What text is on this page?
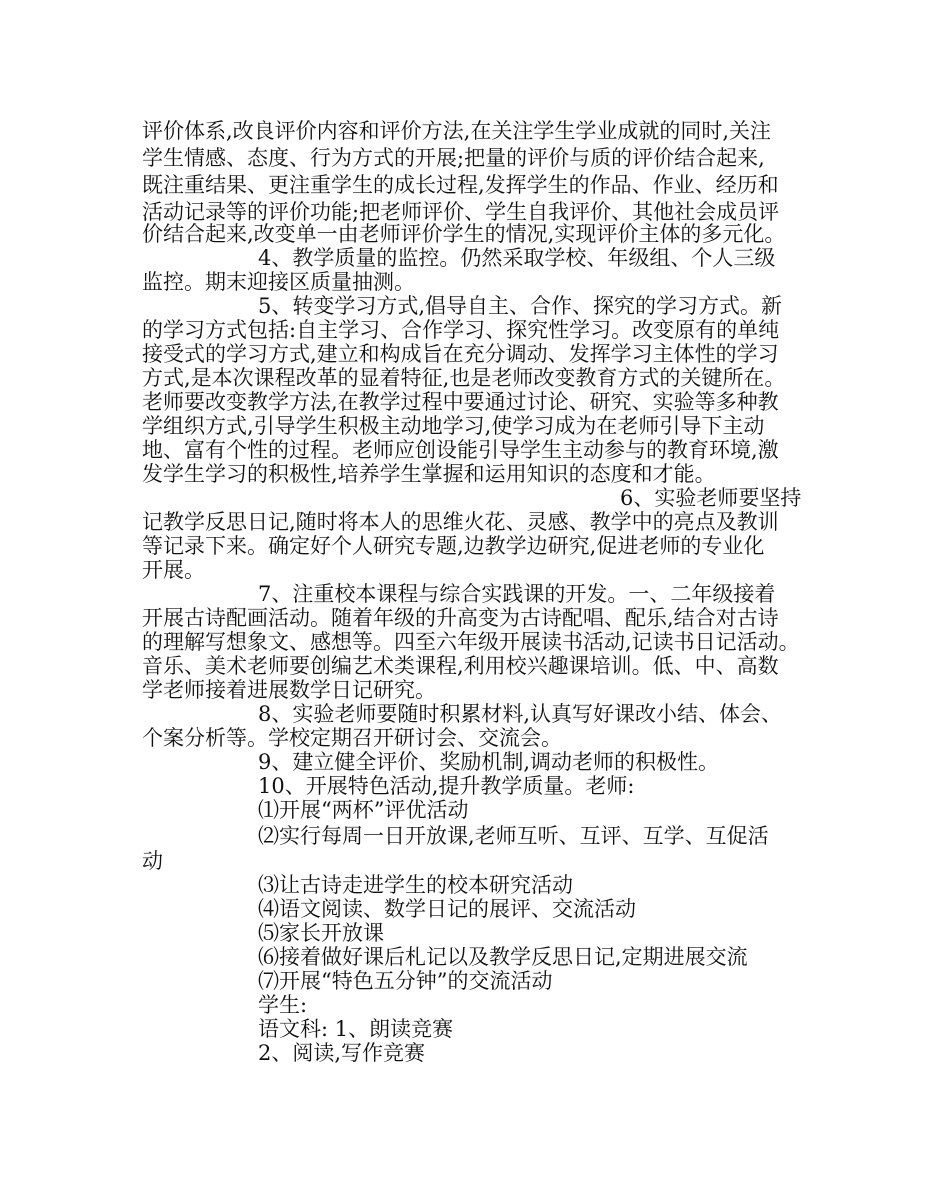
评价体系,改良评价内容和评价方法,在关注学生学业成就的同时,关注
学生情感、态度、行为方式的开展;把量的评价与质的评价结合起来,
既注重结果、更注重学生的成长过程,发挥学生的作品、作业、经历和
活动记录等的评价功能;把老师评价、学生自我评价、其他社会成员评
价结合起来,改变单一由老师评价学生的情况,实现评价主体的多元化。
4、教学质量的监控。仍然采取学校、年级组、个人三级
监控。期末迎接区质量抽测。
5、转变学习方式,倡导自主、合作、探究的学习方式。新
的学习方式包括:自主学习、合作学习、探究性学习。改变原有的单纯
接受式的学习方式,建立和构成旨在充分调动、发挥学习主体性的学习
方式,是本次课程改革的显着特征,也是老师改变教育方式的关键所在。
老师要改变教学方法,在教学过程中要通过讨论、研究、实验等多种教
学组织方式,引导学生积极主动地学习,使学习成为在老师引导下主动
地、富有个性的过程。老师应创设能引导学生主动参与的教育环境,激
发学生学习的积极性,培养学生掌握和运用知识的态度和才能。
6、实验老师要坚持
记教学反思日记,随时将本人的思维火花、灵感、教学中的亮点及教训
等记录下来。确定好个人研究专题,边教学边研究,促进老师的专业化
开展。
7、注重校本课程与综合实践课的开发。一、二年级接着
开展古诗配画活动。随着年级的升高变为古诗配唱、配乐,结合对古诗
的理解写想象文、感想等。四至六年级开展读书活动,记读书日记活动。
音乐、美术老师要创编艺术类课程,利用校兴趣课培训。低、中、高数
学老师接着进展数学日记研究。
8、实验老师要随时积累材料,认真写好课改小结、体会、
个案分析等。学校定期召开研讨会、交流会。
9、建立健全评价、奖励机制,调动老师的积极性。
10、开展特色活动,提升教学质量。老师:
⑴开展“两杯”评优活动
⑵实行每周一日开放课,老师互听、互评、互学、互促活
动
⑶让古诗走进学生的校本研究活动
⑷语文阅读、数学日记的展评、交流活动
⑸家长开放课
⑹接着做好课后札记以及教学反思日记,定期进展交流
⑺开展“特色五分钟”的交流活动
学生:
语文科: 1、朗读竞赛
2、阅读,写作竞赛
